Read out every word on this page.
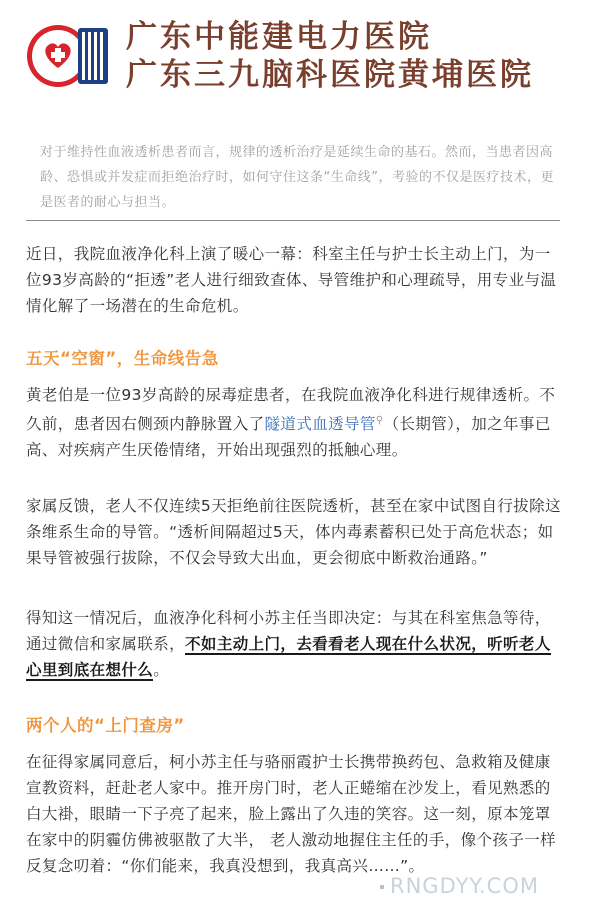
广东中能建电力医院
广东三九脑科医院黄埔医院
对于维持性血液透析患者而言，规律的透析治疗是延续生命的基石。然而，当患者因高龄、恐惧或并发症而拒绝治疗时，如何守住这条“生命线”，考验的不仅是医疗技术，更是医者的耐心与担当。
近日，我院血液净化科上演了暖心一幕：科室主任与护士长主动上门，为一位93岁高龄的“拒透”老人进行细致查体、导管维护和心理疏导，用专业与温情化解了一场潜在的生命危机。
五天“空窗”，生命线告急
黄老伯是一位93岁高龄的尿毒症患者，在我院血液净化科进行规律透析。不久前，患者因右侧颈内静脉置入了隧道式血透导管⚲（长期管），加之年事已高、对疾病产生厌倦情绪，开始出现强烈的抵触心理。
家属反馈，老人不仅连续5天拒绝前往医院透析，甚至在家中试图自行拔除这条维系生命的导管。“透析间隔超过5天，体内毒素蓄积已处于高危状态；如果导管被强行拔除，不仅会导致大出血，更会彻底中断救治通路。”
得知这一情况后，血液净化科柯小苏主任当即决定：与其在科室焦急等待，通过微信和家属联系，不如主动上门，去看看老人现在什么状况，听听老人心里到底在想什么。
两个人的“上门查房”
在征得家属同意后，柯小苏主任与骆丽霞护士长携带换药包、急救箱及健康宣教资料，赶赴老人家中。推开房门时，老人正蜷缩在沙发上，看见熟悉的白大褂，眼睛一下子亮了起来，脸上露出了久违的笑容。这一刻，原本笼罩在家中的阴霾仿佛被驱散了大半， 老人激动地握住主任的手，像个孩子一样反复念叨着：“你们能来，我真没想到，我真高兴……”。
RNGDYY.COM
